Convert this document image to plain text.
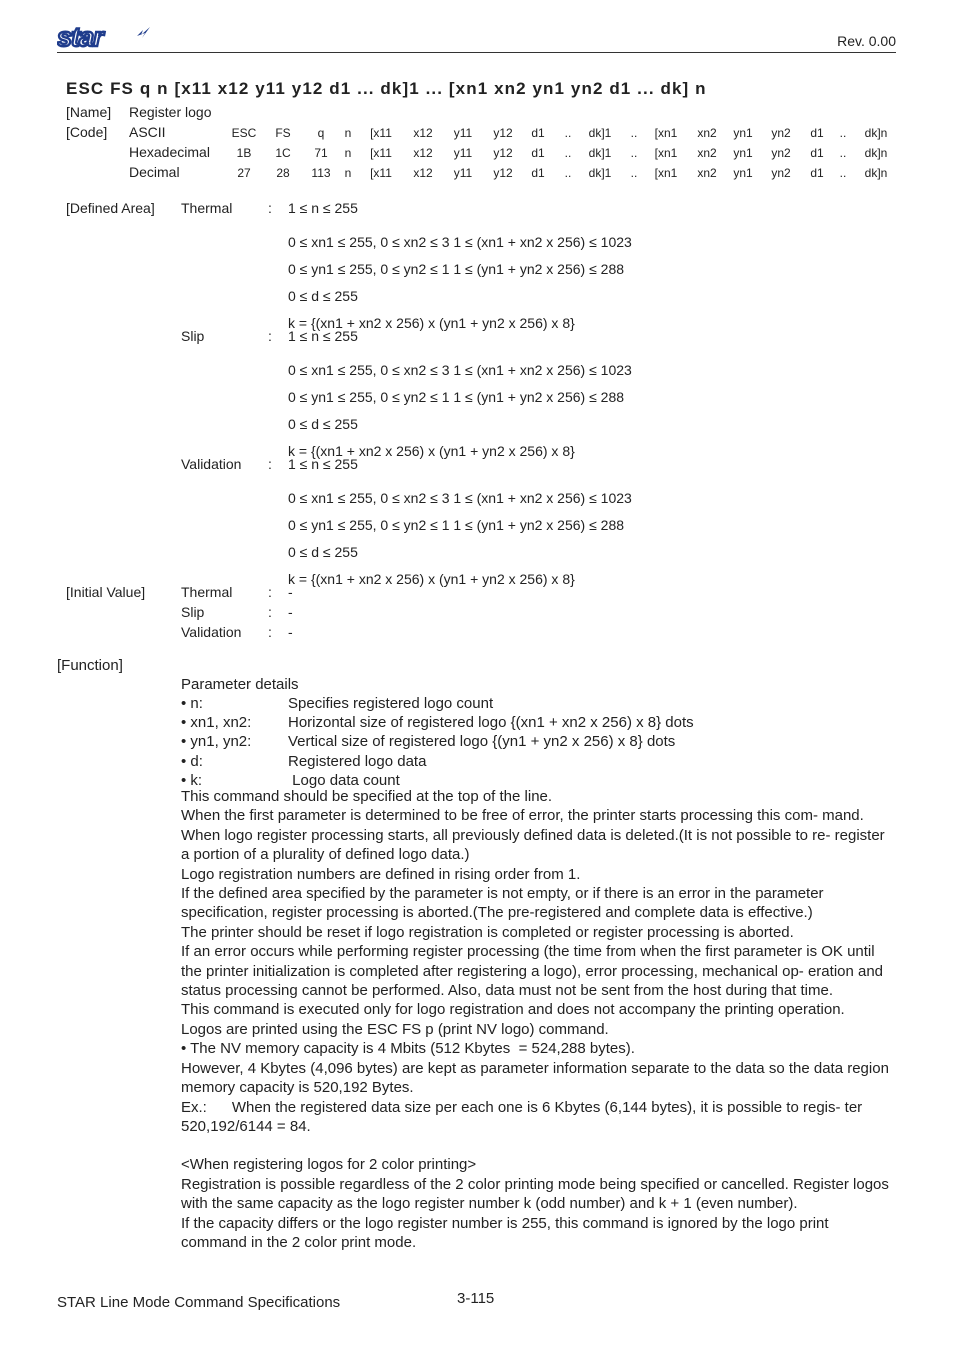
star	Rev. 0.00
ESC FS q n [x11 x12 y11 y12 d1 ... dk]1 ... [xn1 xn2 yn1 yn2 d1 ... dk] n
[Name] Register logo
[Code] ASCII	ESC	FS	q	n	[x11	x12	y11	y12	d1	..	dk]1	..	[xn1	xn2	yn1	yn2	d1	..	dk]n
Hexadecimal	1B	1C	71	n	[x11	x12	y11	y12	d1	..	dk]1	..	[xn1	xn2	yn1	yn2	d1	..	dk]n
Decimal	27	28	113	n	[x11	x12	y11	y12	d1	..	dk]1	..	[xn1	xn2	yn1	yn2	d1	..	dk]n
[Defined Area] Thermal	: 1 ≤ n ≤ 255
0 ≤ xn1 ≤ 255, 0 ≤ xn2 ≤ 3 1 ≤ (xn1 + xn2 x 256) ≤ 1023
0 ≤ yn1 ≤ 255, 0 ≤ yn2 ≤ 1 1 ≤ (yn1 + yn2 x 256) ≤ 288
0 ≤ d ≤ 255
k = {(xn1 + xn2 x 256) x (yn1 + yn2 x 256) x 8}
Slip	: 1 ≤ n ≤ 255
0 ≤ xn1 ≤ 255, 0 ≤ xn2 ≤ 3 1 ≤ (xn1 + xn2 x 256) ≤ 1023
0 ≤ yn1 ≤ 255, 0 ≤ yn2 ≤ 1 1 ≤ (yn1 + yn2 x 256) ≤ 288
0 ≤ d ≤ 255
k = {(xn1 + xn2 x 256) x (yn1 + yn2 x 256) x 8}
Validation : 1 ≤ n ≤ 255
0 ≤ xn1 ≤ 255, 0 ≤ xn2 ≤ 3 1 ≤ (xn1 + xn2 x 256) ≤ 1023
0 ≤ yn1 ≤ 255, 0 ≤ yn2 ≤ 1 1 ≤ (yn1 + yn2 x 256) ≤ 288
0 ≤ d ≤ 255
k = {(xn1 + xn2 x 256) x (yn1 + yn2 x 256) x 8}
[Initial Value]	Thermal	: -
Slip	: -
Validation : -
[Function]
Parameter details
• n:	Specifies registered logo count
• xn1, xn2: Horizontal size of registered logo {(xn1 + xn2 x 256) x 8} dots
• yn1, yn2: Vertical size of registered logo {(yn1 + yn2 x 256) x 8} dots
• d:	Registered logo data
• k:	Logo data count

This command should be specified at the top of the line.

When the first parameter is determined to be free of error, the printer starts processing this com- mand.

When logo register processing starts, all previously defined data is deleted.(It is not possible to re- register a portion of a plurality of defined logo data.)

Logo registration numbers are defined in rising order from 1.

If the defined area specified by the parameter is not empty, or if there is an error in the parameter specification, register processing is aborted.(The pre-registered and complete data is effective.)

The printer should be reset if logo registration is completed or register processing is aborted.

If an error occurs while performing register processing (the time from when the first parameter is OK until the printer initialization is completed after registering a logo), error processing, mechanical op- eration and status processing cannot be performed. Also, data must not be sent from the host during that time.

This command is executed only for logo registration and does not accompany the printing operation.

Logos are printed using the ESC FS p (print NV logo) command.

• The NV memory capacity is 4 Mbits (512 Kbytes  = 524,288 bytes).

However, 4 Kbytes (4,096 bytes) are kept as parameter information separate to the data so the data region memory capacity is 520,192 Bytes.

Ex.:      When the registered data size per each one is 6 Kbytes (6,144 bytes), it is possible to regis- ter 520,192/6144 = 84.

<When registering logos for 2 color printing>

Registration is possible regardless of the 2 color printing mode being specified or cancelled. Register logos with the same capacity as the logo register number k (odd number) and k + 1 (even number).

If the capacity differs or the logo register number is 255, this command is ignored by the logo print command in the 2 color print mode.

STAR Line Mode Command Specifications	3-115
